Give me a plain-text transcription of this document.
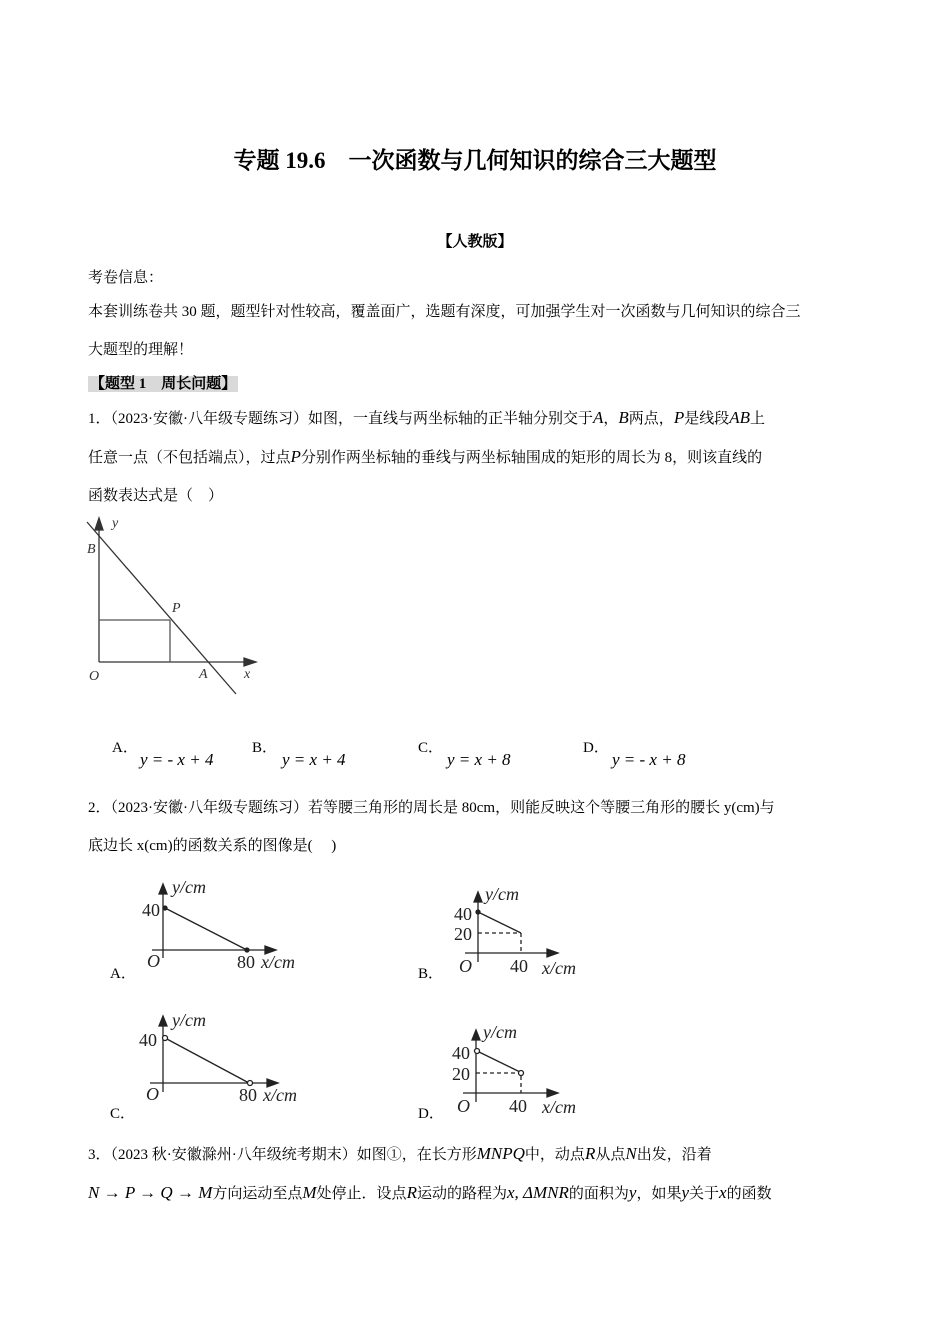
专题 19.6　一次函数与几何知识的综合三大题型
【人教版】
考卷信息：
本套训练卷共 30 题，题型针对性较高，覆盖面广，选题有深度，可加强学生对一次函数与几何知识的综合三
大题型的理解！
【题型 1　周长问题】
1．（2023·安徽·八年级专题练习）如图，一直线与两坐标轴的正半轴分别交于A，B两点，P是线段AB上
任意一点（不包括端点），过点P分别作两坐标轴的垂线与两坐标轴围成的矩形的周长为 8，则该直线的
函数表达式是（　）
B
y
P
O	A	x
y/cm
40
O	80 x/cm
A．
y/cm
40
20
O 40 x/cm
B．
y/cm
40
O	80 x/cm
C．
y/cm
40
20
O 40 x/cm
D．
A．
y = - x + 4
B．
y = x + 4
C．
y = x + 8
D．
y = - x + 8
2．（2023·安徽·八年级专题练习）若等腰三角形的周长是 80cm，则能反映这个等腰三角形的腰长 y(cm)与
底边长 x(cm)的函数关系的图像是(　 )
3．（2023 秋·安徽滁州·八年级统考期末）如图①，在长方形MNPQ中，动点R从点N出发，沿着
N → P → Q → M方向运动至点M处停止．设点R运动的路程为x, ΔMNR的面积为y，如果y关于x的函数
